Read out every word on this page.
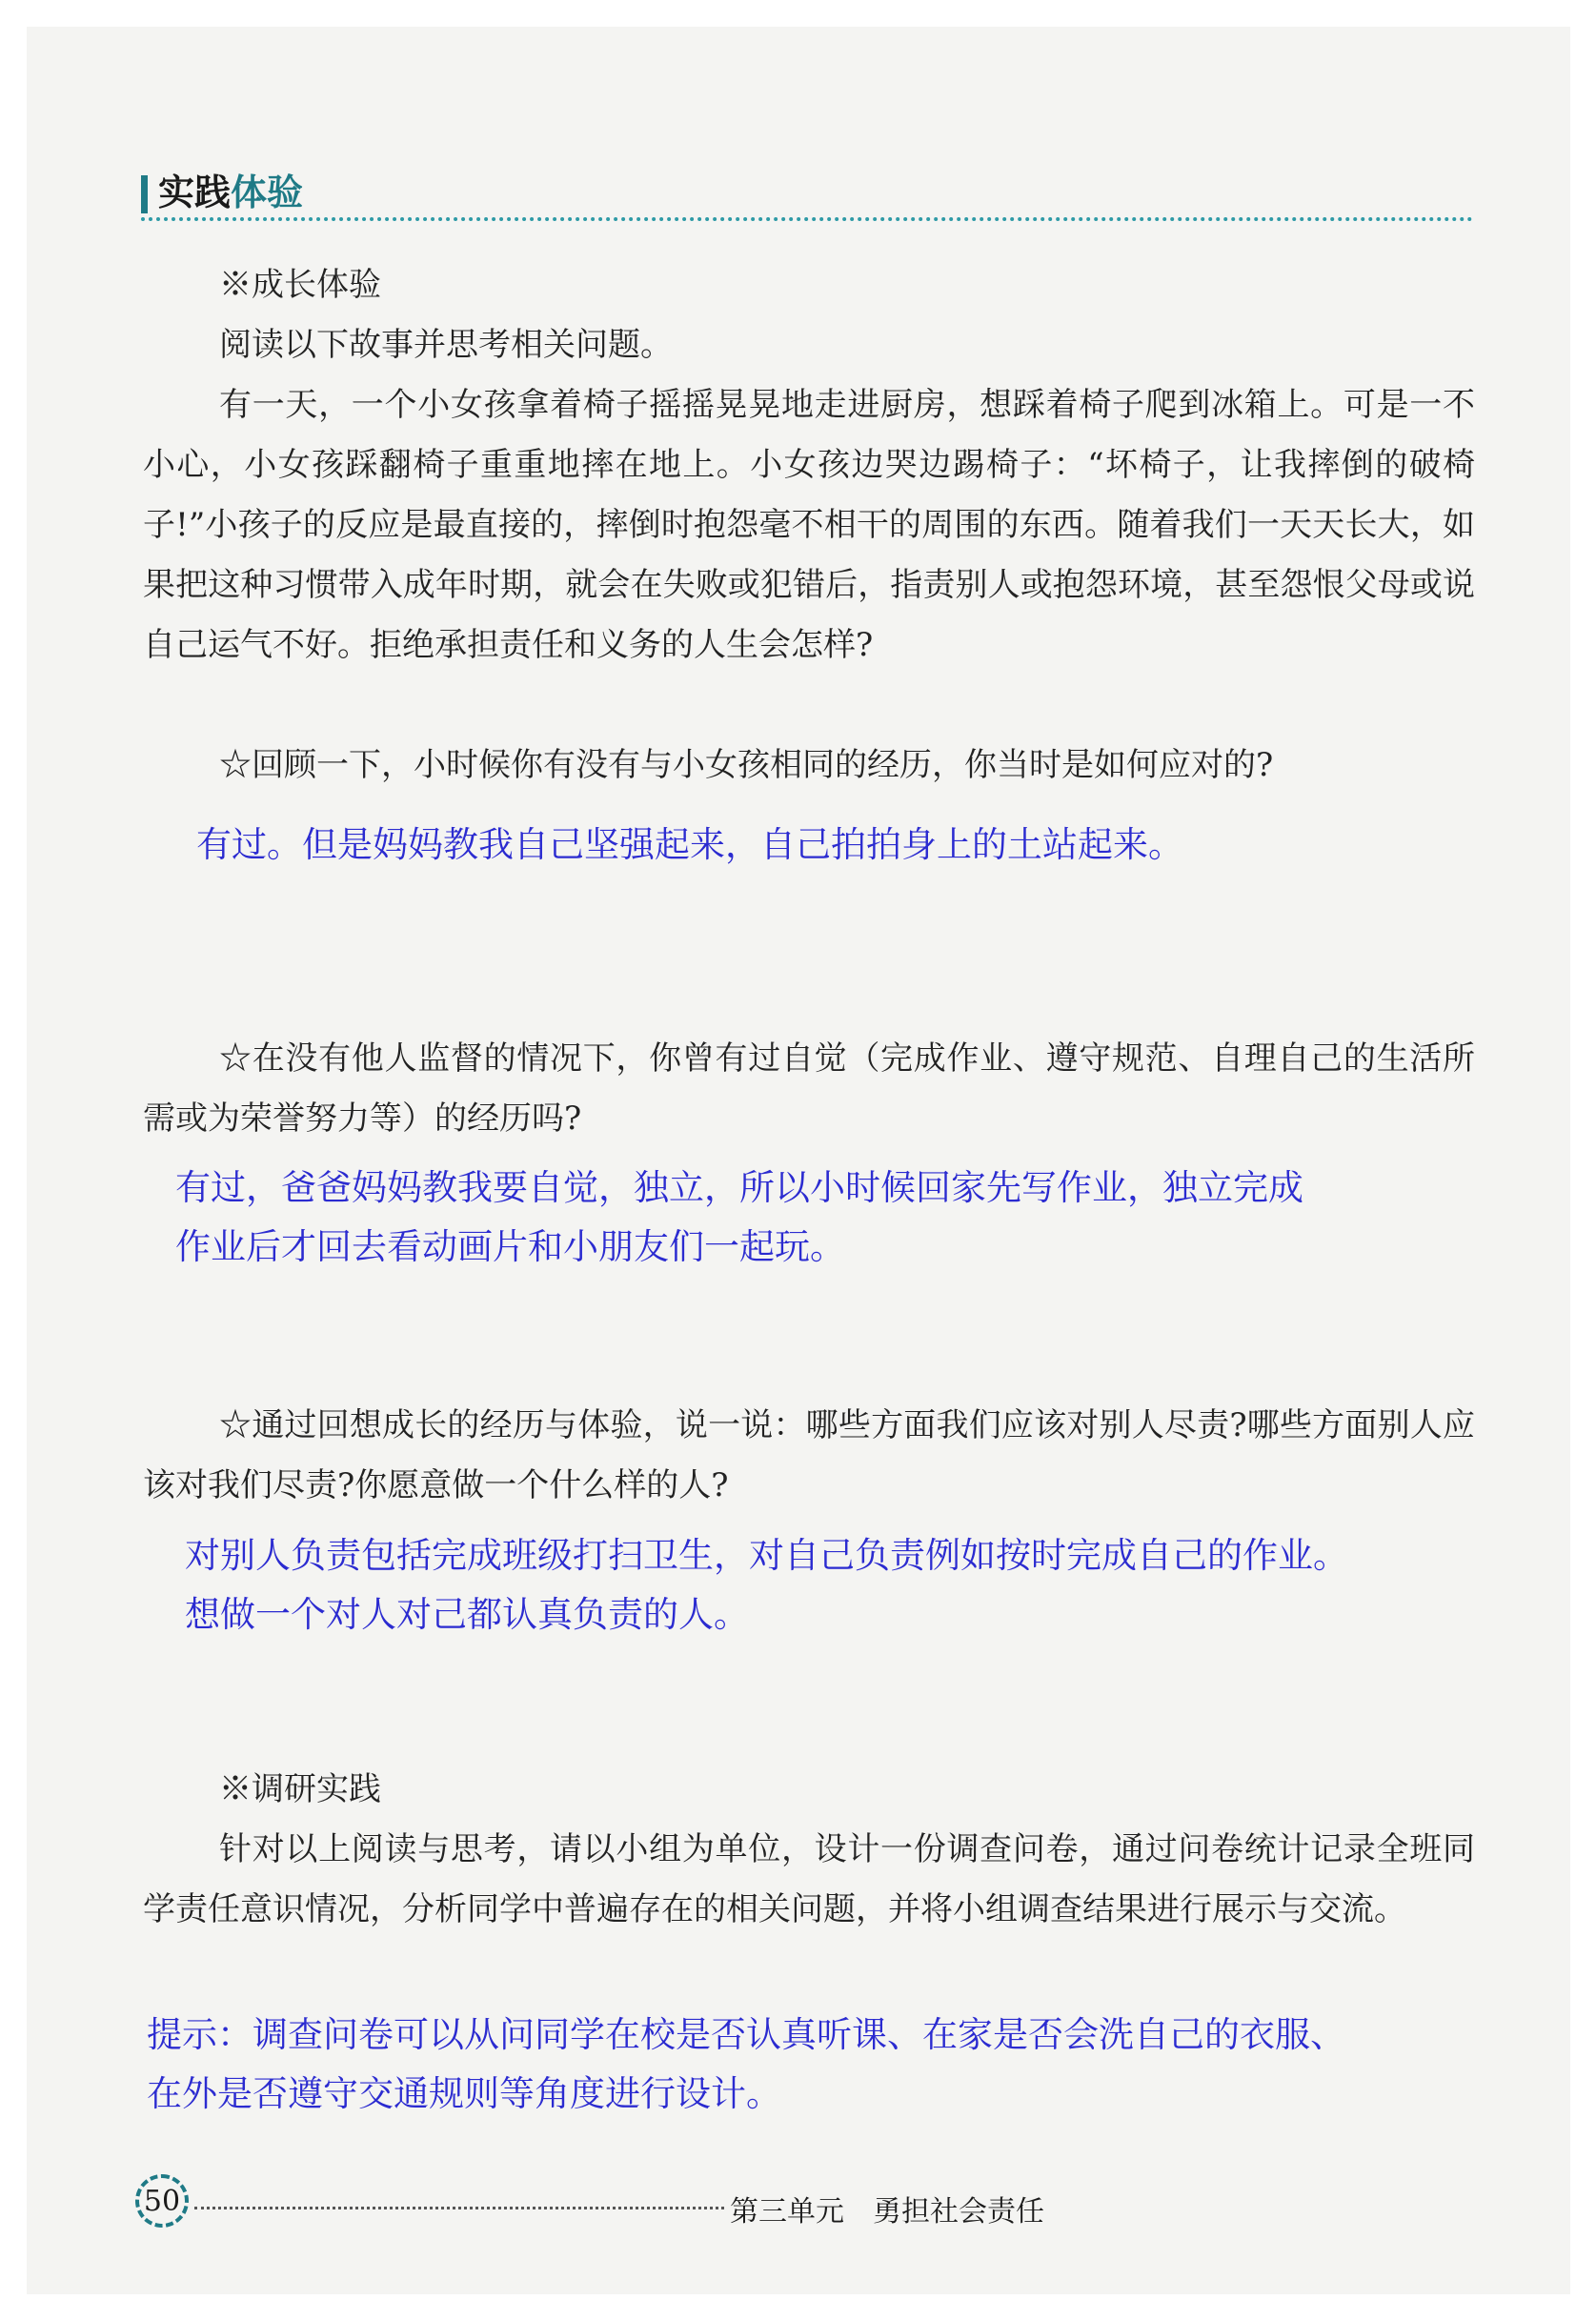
实践体验
※成长体验
阅读以下故事并思考相关问题。
有一天，一个小女孩拿着椅子摇摇晃晃地走进厨房，想踩着椅子爬到冰箱上。可是一不小心，小女孩踩翻椅子重重地摔在地上。小女孩边哭边踢椅子：“坏椅子，让我摔倒的破椅子!”小孩子的反应是最直接的，摔倒时抱怨毫不相干的周围的东西。随着我们一天天长大，如果把这种习惯带入成年时期，就会在失败或犯错后，指责别人或抱怨环境，甚至怨恨父母或说自己运气不好。拒绝承担责任和义务的人生会怎样?
☆回顾一下，小时候你有没有与小女孩相同的经历，你当时是如何应对的?
有过。但是妈妈教我自己坚强起来，自己拍拍身上的土站起来。
☆在没有他人监督的情况下，你曾有过自觉（完成作业、遵守规范、自理自己的生活所需或为荣誉努力等）的经历吗?
有过，爸爸妈妈教我要自觉，独立，所以小时候回家先写作业，独立完成
作业后才回去看动画片和小朋友们一起玩。
☆通过回想成长的经历与体验，说一说：哪些方面我们应该对别人尽责?哪些方面别人应该对我们尽责?你愿意做一个什么样的人?
对别人负责包括完成班级打扫卫生，对自己负责例如按时完成自己的作业。
想做一个对人对己都认真负责的人。
※调研实践
针对以上阅读与思考，请以小组为单位，设计一份调查问卷，通过问卷统计记录全班同学责任意识情况，分析同学中普遍存在的相关问题，并将小组调查结果进行展示与交流。
提示：调查问卷可以从问同学在校是否认真听课、在家是否会洗自己的衣服、
在外是否遵守交通规则等角度进行设计。
50	第三单元　勇担社会责任
